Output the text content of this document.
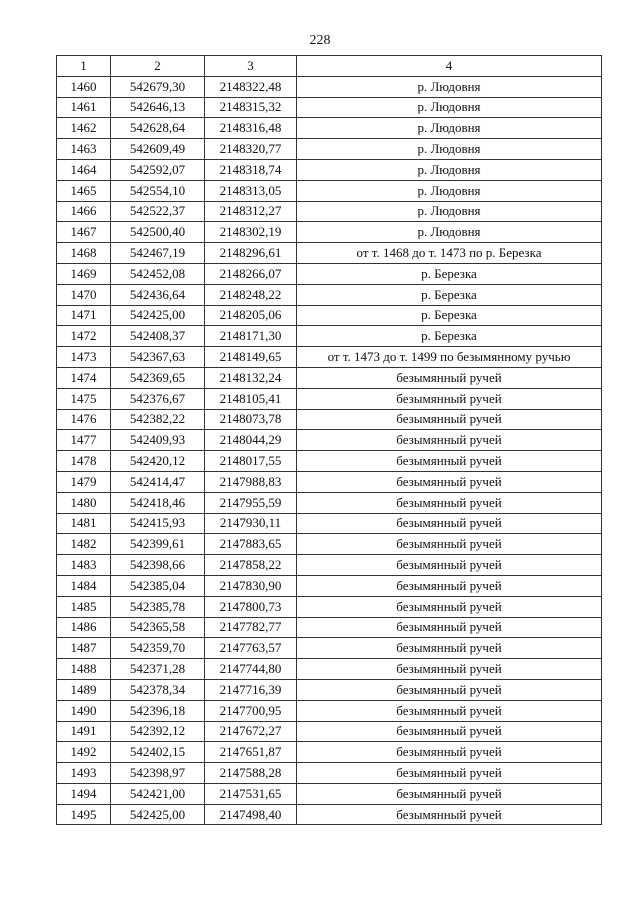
228
1	2	3	4
1460	542679,30	2148322,48	р. Людовня
1461	542646,13	2148315,32	р. Людовня
1462	542628,64	2148316,48	р. Людовня
1463	542609,49	2148320,77	р. Людовня
1464	542592,07	2148318,74	р. Людовня
1465	542554,10	2148313,05	р. Людовня
1466	542522,37	2148312,27	р. Людовня
1467	542500,40	2148302,19	р. Людовня
1468	542467,19	2148296,61	от т. 1468 до т. 1473 по р. Березка
1469	542452,08	2148266,07	р. Березка
1470	542436,64	2148248,22	р. Березка
1471	542425,00	2148205,06	р. Березка
1472	542408,37	2148171,30	р. Березка
1473	542367,63	2148149,65	от т. 1473 до т. 1499 по безымянному ручью
1474	542369,65	2148132,24	безымянный ручей
1475	542376,67	2148105,41	безымянный ручей
1476	542382,22	2148073,78	безымянный ручей
1477	542409,93	2148044,29	безымянный ручей
1478	542420,12	2148017,55	безымянный ручей
1479	542414,47	2147988,83	безымянный ручей
1480	542418,46	2147955,59	безымянный ручей
1481	542415,93	2147930,11	безымянный ручей
1482	542399,61	2147883,65	безымянный ручей
1483	542398,66	2147858,22	безымянный ручей
1484	542385,04	2147830,90	безымянный ручей
1485	542385,78	2147800,73	безымянный ручей
1486	542365,58	2147782,77	безымянный ручей
1487	542359,70	2147763,57	безымянный ручей
1488	542371,28	2147744,80	безымянный ручей
1489	542378,34	2147716,39	безымянный ручей
1490	542396,18	2147700,95	безымянный ручей
1491	542392,12	2147672,27	безымянный ручей
1492	542402,15	2147651,87	безымянный ручей
1493	542398,97	2147588,28	безымянный ручей
1494	542421,00	2147531,65	безымянный ручей
1495	542425,00	2147498,40	безымянный ручей
